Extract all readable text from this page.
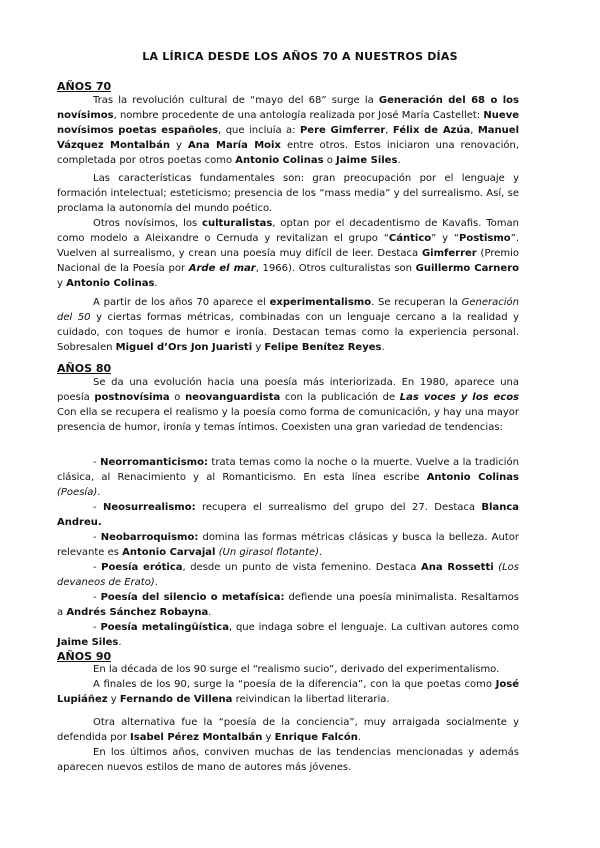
LA LÍRICA DESDE LOS AÑOS 70 A NUESTROS DÍAS
AÑOS 70

Tras la revolución cultural de “mayo del 68” surge la Generación del 68 o los novísimos, nombre procedente de una antología realizada por José María Castellet: Nueve novísimos poetas españoles, que incluía a: Pere Gimferrer, Félix de Azúa, Manuel Vázquez Montalbán y Ana María Moix entre otros. Estos iniciaron una renovación, completada por otros poetas como Antonio Colinas o Jaime Siles.

Las características fundamentales son: gran preocupación por el lenguaje y formación intelectual; esteticismo; presencia de los “mass media” y del surrealismo. Así, se proclama la autonomía del mundo poético.

Otros novísimos, los culturalistas, optan por el decadentismo de Kavafis. Toman como modelo a Aleixandre o Cernuda y revitalizan el grupo “Cántico” y “Postismo”. Vuelven al surrealismo, y crean una poesía muy difícil de leer. Destaca Gimferrer (Premio Nacional de la Poesía por Arde el mar, 1966). Otros culturalistas son Guillermo Carnero y Antonio Colinas.

A partir de los años 70 aparece el experimentalismo. Se recuperan la Generación del 50 y ciertas formas métricas, combinadas con un lenguaje cercano a la realidad y cuidado, con toques de humor e ironía. Destacan temas como la experiencia personal. Sobresalen Miguel d’Ors Jon Juaristi y Felipe Benítez Reyes.

AÑOS 80

Se da una evolución hacia una poesía más interiorizada. En 1980, aparece una poesía postnovísima o neovanguardista con la publicación de Las voces y los ecos Con ella se recupera el realismo y la poesía como forma de comunicación, y hay una mayor presencia de humor, ironía y temas íntimos. Coexisten una gran variedad de tendencias:

- Neorromanticismo: trata temas como la noche o la muerte. Vuelve a la tradición clásica, al Renacimiento y al Romanticismo. En esta línea escribe Antonio Colinas (Poesía).

- Neosurrealismo: recupera el surrealismo del grupo del 27. Destaca Blanca Andreu.

- Neobarroquismo: domina las formas métricas clásicas y busca la belleza. Autor relevante es Antonio Carvajal (Un girasol flotante).

- Poesía erótica, desde un punto de vista femenino. Destaca Ana Rossetti (Los devaneos de Erato).

- Poesía del silencio o metafísica: defiende una poesía minimalista. Resaltamos a Andrés Sánchez Robayna.

- Poesía metalingüística, que indaga sobre el lenguaje. La cultivan autores como Jaime Siles.

AÑOS 90

En la década de los 90 surge el “realismo sucio”, derivado del experimentalismo.

A finales de los 90, surge la “poesía de la diferencia”, con la que poetas como José Lupiáñez y Fernando de Villena reivindican la libertad literaria.

Otra alternativa fue la “poesía de la conciencia”, muy arraigada socialmente y defendida por Isabel Pérez Montalbán y Enrique Falcón.

En los últimos años, conviven muchas de las tendencias mencionadas y además aparecen nuevos estilos de mano de autores más jóvenes.
